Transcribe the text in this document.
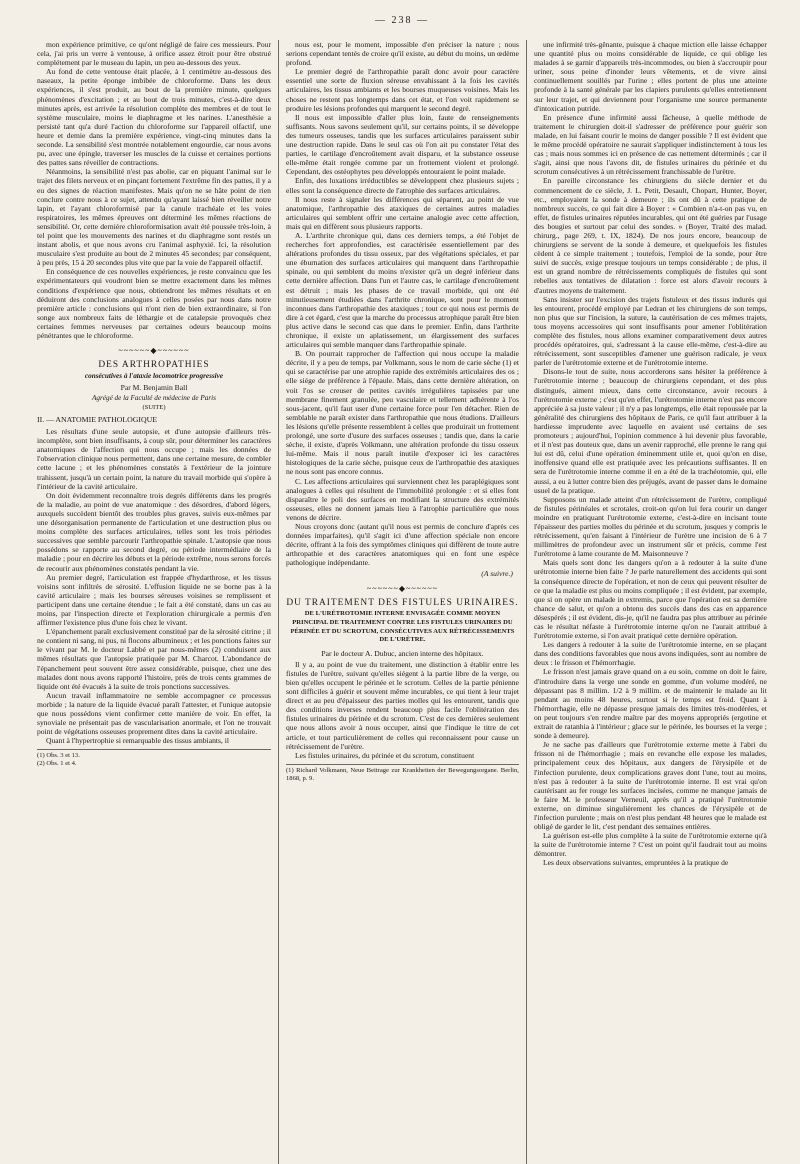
— 238 —

mon expérience primitive, ce qu'ont négligé de faire ces messieurs. Pour cela, j'ai pris un verre à ventouse, à orifice assez étroit pour être obstrué complétement par le museau du lapin, un peu au-dessous des yeux.

Au fond de cette ventouse était placée, à 1 centimètre au-dessous des naseaux, la petite éponge imbibée de chloroforme. Dans les deux expériences, il s'est produit, au bout de la première minute, quelques phénomènes d'excitation ; et au bout de trois minutes, c'est-à-dire deux minutes après, est arrivée la résolution complète des membres et de tout le système musculaire, moins le diaphragme et les narines. L'anesthésie a persisté tant qu'a duré l'action du chloroforme sur l'appareil olfactif, une heure et demie dans la première expérience, vingt-cinq minutes dans la seconde. La sensibilité s'est montrée notablement engourdie, car nous avons pu, avec une épingle, traverser les muscles de la cuisse et certaines portions des pattes sans réveiller de contractions.

Néanmoins, la sensibilité n'est pas abolie, car en piquant l'animal sur le trajet des filets nerveux et en pinçant fortement l'extrême fin des pattes, il y a eu des signes de réaction manifestes. Mais qu'on ne se hâte point de rien conclure contre nous à ce sujet, attendu qu'ayant laissé bien réveiller notre lapin, et l'ayant chloroformisé par la canule trachéale et les voies respiratoires, les mêmes épreuves ont déterminé les mêmes réactions de sensibilité. Or, cette dernière chloroformisation avait été poussée très-loin, à tel point que les mouvements des narines et du diaphragme sont restés un instant abolis, et que nous avons cru l'animal asphyxié. Ici, la résolution musculaire s'est produite au bout de 2 minutes 45 secondes; par conséquent, à peu près, 15 à 20 secondes plus vite que par la voie de l'appareil olfactif.

En conséquence de ces nouvelles expériences, je reste convaincu que les expérimentateurs qui voudront bien se mettre exactement dans les mêmes conditions d'expérience que nous, obtiendront les mêmes résultats et en déduiront des conclusions analogues à celles posées par nous dans notre première article : conclusions qui n'ont rien de bien extraordinaire, si l'on songe aux nombreux faits de léthargie et de catalepsie provoqués chez certaines femmes nerveuses par certaines odeurs beaucoup moins pénétrantes que le chloroforme.

~~~~~~◆~~~~~~
DES ARTHROPATHIES
consécutives à l'ataxie locomotrice progressive
Par M. Benjamin Ball
Agrégé de la Faculté de médecine de Paris
(SUITE)
II. — ANATOMIE PATHOLOGIQUE

Les résultats d'une seule autopsie, et d'une autopsie d'ailleurs très-incomplète, sont bien insuffisants, à coup sûr, pour déterminer les caractères anatomiques de l'affection qui nous occupe ; mais les données de l'observation clinique nous permettent, dans une certaine mesure, de combler cette lacune ; et les phénomènes constatés à l'extérieur de la jointure trahissent, jusqu'à un certain point, la nature du travail morbide qui s'opère à l'intérieur de la cavité articulaire.

On doit évidemment reconnaître trois degrés différents dans les progrès de la maladie, au point de vue anatomique : des désordres, d'abord légers, auxquels succèdent bientôt des troubles plus graves, suivis eux-mêmes par une désorganisation permanente de l'articulation et une destruction plus ou moins complète des surfaces articulaires, telles sont les trois périodes successives que semble parcourir l'arthropathie spinale. L'autopsie que nous possédons se rapporte au second degré, ou période intermédiaire de la maladie ; pour en décrire les débuts et la période extrême, nous serons forcés de recourir aux phénomènes constatés pendant la vie.

Au premier degré, l'articulation est frappée d'hydarthrose, et les tissus voisins sont infiltrés de sérosité. L'effusion liquide ne se borne pas à la cavité articulaire ; mais les bourses séreuses voisines se remplissent et participent dans une certaine étendue ; le fait a été constaté, dans un cas au moins, par l'inspection directe et l'exploration chirurgicale a permis d'en affirmer l'existence plus d'une fois chez le vivant.

L'épanchement paraît exclusivement constitué par de la sérosité citrine ; il ne contient ni sang, ni pus, ni flocons albumineux ; et les ponctions faites sur le vivant par M. le docteur Labbé et par nous-mêmes (2) conduisent aux mêmes résultats que l'autopsie pratiquée par M. Charcot. L'abondance de l'épanchement peut souvent être assez considérable, puisque, chez une des malades dont nous avons rapporté l'histoire, près de trois cents grammes de liquide ont été évacués à la suite de trois ponctions successives.

Aucun travail inflammatoire ne semble accompagner ce processus morbide ; la nature de la liquide évacué paraît l'attester, et l'unique autopsie que nous possédons vient confirmer cette manière de voir. En effet, la synoviale ne présentait pas de vascularisation anormale, et l'on ne trouvait point de végétations osseuses proprement dites dans la cavité articulaire.

Quant à l'hypertrophie si remarquable des tissus ambiants, il

(1) Obs. 3 et 13.

(2) Obs. 1 et 4.

nous est, pour le moment, impossible d'en préciser la nature ; nous serions cependant tentés de croire qu'il existe, au début du moins, un œdème profond.

Le premier degré de l'arthropathie paraît donc avoir pour caractère essentiel une sorte de fluxion séreuse envahissant à la fois les cavités articulaires, les tissus ambiants et les bourses muqueuses voisines. Mais les choses ne restent pas longtemps dans cet état, et l'on voit rapidement se produire les lésions profondes qui marquent le second degré.

Il nous est impossible d'aller plus loin, faute de renseignements suffisants. Nous savons seulement qu'il, sur certains points, il se développe des tumeurs osseuses, tandis que les surfaces articulaires paraissent subir une destruction rapide. Dans le seul cas où l'on ait pu constater l'état des parties, le cartilage d'encroûtement avait disparu, et la substance osseuse elle-même était rongée comme par un frottement violent et prolongé. Cependant, des ostéophytes peu développés entouraient le point malade.

Enfin, des luxations irréductibles se développent chez plusieurs sujets ; elles sont la conséquence directe de l'atrophie des surfaces articulaires.

Il nous reste à signaler les différences qui séparent, au point de vue anatomique, l'arthropathie des ataxiques de certaines autres maladies articulaires qui semblent offrir une certaine analogie avec cette affection, mais qui en diffèrent sous plusieurs rapports.

A. L'arthrite chronique qui, dans ces derniers temps, a été l'objet de recherches fort approfondies, est caractérisée essentiellement par des altérations profondes du tissu osseux, par des végétations spéciales, et par une éburnation des surfaces articulaires qui manquent dans l'arthropathie spinale, ou qui semblent du moins n'exister qu'à un degré inférieur dans cette dernière affection. Dans l'un et l'autre cas, le cartilage d'encroûtement est détruit ; mais les phases de ce travail morbide, qui ont été minutieusement étudiées dans l'arthrite chronique, sont pour le moment inconnues dans l'arthropathie des ataxiques ; tout ce qui nous est permis de dire à cet égard, c'est que la marche du processus atrophique paraît être bien plus active dans le second cas que dans le premier. Enfin, dans l'arthrite chronique, il existe un aplatissement, un élargissement des surfaces articulaires qui semble manquer dans l'arthropathie spinale.

B. On pourrait rapprocher de l'affection qui nous occupe la maladie décrite, il y a peu de temps, par Volkmann, sous le nom de carie sèche (1) et qui se caractérise par une atrophie rapide des extrémités articulaires des os ; elle siége de préférence à l'épaule. Mais, dans cette dernière altération, on voit l'os se creuser de petites cavités irrégulières tapissées par une membrane finement granulée, peu vasculaire et tellement adhérente à l'os sous-jacent, qu'il faut user d'une certaine force pour l'en détacher. Rien de semblable ne paraît exister dans l'arthropathie que nous étudions. D'ailleurs les lésions qu'elle présente ressemblent à celles que produirait un frottement prolongé, une sorte d'usure des surfaces osseuses ; tandis que, dans la carie sèche, il existe, d'après Volkmann, une altération profonde du tissu osseux lui-même. Mais il nous paraît inutile d'exposer ici les caractères histologiques de la carie sèche, puisque ceux de l'arthropathie des ataxiques ne nous sont pas encore connus.

C. Les affections articulaires qui surviennent chez les paraplégiques sont analogues à celles qui résultent de l'immobilité prolongée : et si elles font disparaître le poli des surfaces en modifiant la structure des extrémités osseuses, elles ne donnent jamais lieu à l'atrophie particulière que nous venons de décrire.

Nous croyons donc (autant qu'il nous est permis de conclure d'après ces données imparfaites), qu'il s'agit ici d'une affection spéciale non encore décrite, offrant à la fois des symptômes cliniques qui diffèrent de toute autre arthropathie et des caractères anatomiques qui en font une espèce pathologique indépendante.

(A suivre.)
~~~~~~◆~~~~~~
DU TRAITEMENT DES FISTULES URINAIRES.
DE L'URÉTROTOMIE INTERNE ENVISAGÉE COMME MOYEN PRINCIPAL DE TRAITEMENT CONTRE LES FISTULES URINAIRES DU PÉRINÉE ET DU SCROTUM, CONSÉCUTIVES AUX RÉTRÉCISSEMENTS DE L'URÈTRE.
Par le docteur A. Dubuc, ancien interne des hôpitaux.

Il y a, au point de vue du traitement, une distinction à établir entre les fistules de l'urètre, suivant qu'elles siégent à la partie libre de la verge, ou bien qu'elles occupent le périnée et le scrotum. Celles de la partie pénienne sont difficiles à guérir et souvent même incurables, ce qui tient à leur trajet direct et au peu d'épaisseur des parties molles qui les entourent, tandis que des conditions inverses rendent beaucoup plus facile l'oblitération des fistules urinaires du périnée et du scrotum. C'est de ces dernières seulement que nous allons avoir à nous occuper, ainsi que l'indique le titre de cet article, et tout particulièrement de celles qui reconnaissent pour cause un rétrécissement de l'urètre.

Les fistules urinaires, du périnée et du scrotum, constituent

(1) Richard Volkmann, Neue Beitrage zur Krankheiten der Bewegungsorgane. Berlin, 1868, p. 9.

une infirmité très-gênante, puisque à chaque miction elle laisse échapper une quantité plus ou moins considérable de liquide, ce qui oblige les malades à se garnir d'appareils très-incommodes, ou bien à s'accroupir pour uriner, sous peine d'inonder leurs vêtements, et de vivre ainsi continuellement souillés par l'urine ; elles portent de plus une atteinte profonde à la santé générale par les clapiers purulents qu'elles entretiennent sur leur trajet, et qui deviennent pour l'organisme une source permanente d'intoxication putride.

En présence d'une infirmité aussi fâcheuse, à quelle méthode de traitement le chirurgien doit-il s'adresser de préférence pour guérir son malade, en lui faisant courir le moins de danger possible ? Il est évident que le même procédé opératoire ne saurait s'appliquer indistinctement à tous les cas ; mais nous sommes ici en présence de cas nettement déterminés ; car il s'agit, ainsi que nous l'avons dit, de fistules urinaires du périnée et du scrotum consécutives à un rétrécissement franchissable de l'urètre.

En pareille circonstance les chirurgiens du siècle dernier et du commencement de ce siècle, J. L. Petit, Desault, Chopart, Hunter, Boyer, etc., employaient la sonde à demeure ; ils ont dû à cette pratique de nombreux succès, ce qui fait dire à Boyer : « Combien n'a-t-on pas vu, en effet, de fistules urinaires réputées incurables, qui ont été guéries par l'usage des bougies et surtout par celui des sondes. » (Boyer, Traité des malad. chirurg., page 269, t. IX, 1824). De nos jours encore, beaucoup de chirurgiens se servent de la sonde à demeure, et quelquefois les fistules cèdent à ce simple traitement ; toutefois, l'emploi de la sonde, pour être suivi de succès, exige presque toujours un temps considérable ; de plus, il est un grand nombre de rétrécissements compliqués de fistules qui sont rebelles aux tentatives de dilatation : force est alors d'avoir recours à d'autres moyens de traitement.

Sans insister sur l'excision des trajets fistuleux et des tissus indurés qui les entourent, procédé employé par Ledran et les chirurgiens de son temps, non plus que sur l'incision, la suture, la cautérisation de ces mêmes trajets, tous moyens accessoires qui sont insuffisants pour amener l'oblitération complète des fistules, nous allons examiner comparativement deux autres procédés opératoires, qui, s'adressant à la cause elle-même, c'est-à-dire au rétrécissement, sont susceptibles d'amener une guérison radicale, je veux parler de l'urétrotomie externe et de l'urétrotomie interne.

Disons-le tout de suite, nous accorderons sans hésiter la préférence à l'urétrotomie interne ; beaucoup de chirurgiens cependant, et des plus distingués, aiment mieux, dans cette circonstance, avoir recours à l'urétrotomie externe ; c'est qu'en effet, l'urétrotomie interne n'est pas encore appréciée à sa juste valeur ; il n'y a pas longtemps, elle était repoussée par la généralité des chirurgiens des hôpitaux de Paris, ce qu'il faut attribuer à la hardiesse imprudente avec laquelle en avaient usé certains de ses promoteurs ; aujourd'hui, l'opinion commence à lui devenir plus favorable, et il n'est pas douteux que, dans un avenir rapproché, elle prenne le rang qui lui est dû, celui d'une opération éminemment utile et, quoi qu'on en dise, inoffensive quand elle est pratiquée avec les précautions suffisantes. Il en sera de l'urétrotomie interne comme il en a été de la trachéotomie, qui, elle aussi, a eu à lutter contre bien des préjugés, avant de passer dans le domaine usuel de la pratique.

Supposons un malade atteint d'un rétrécissement de l'urètre, compliqué de fistules périnéales et scrotales, croit-on qu'on lui fera courir un danger moindre en pratiquant l'urétrotomie externe, c'est-à-dire en incisant toute l'épaisseur des parties molles du périnée et du scrotum, jusques y compris le rétrécissement, qu'en faisant à l'intérieur de l'urètre une incision de 6 à 7 millimètres de profondeur avec un instrument sûr et précis, comme l'est l'urétrotome à lame courante de M. Maisonneuve ?

Mais quels sont donc les dangers qu'on a à redouter à la suite d'une urétrotomie interne bien faite ? Je parle naturellement des accidents qui sont la conséquence directe de l'opération, et non de ceux qui peuvent résulter de ce que la maladie est plus ou moins compliquée ; il est évident, par exemple, que si on opère un malade in extremis, parce que l'opération est sa dernière chance de salut, et qu'on a obtenu des succès dans des cas en apparence désespérés ; il est évident, dis-je, qu'il ne faudra pas plus attribuer au périnée cas le résultat néfaste à l'urétrotomie interne qu'on ne l'aurait attribué à l'urétrotomie externe, si l'on avait pratiqué cette dernière opération.

Les dangers à redouter à la suite de l'urétrotomie interne, en se plaçant dans des conditions favorables que nous avons indiquées, sont au nombre de deux : le frisson et l'hémorrhagie.

Le frisson n'est jamais grave quand on a eu soin, comme on doit le faire, d'introduire dans la verge une sonde en gomme, d'un volume modéré, ne dépassant pas 8 millim. 1/2 à 9 millim. et de maintenir le malade au lit pendant au moins 48 heures, surtout si le temps est froid. Quant à l'hémorrhagie, elle ne dépasse presque jamais des limites très-modérées, et on peut toujours s'en rendre maître par des moyens appropriés (ergotine et extrait de ratanhia à l'intérieur ; glace sur le périnée, les bourses et la verge ; sonde à demeure).

Je ne sache pas d'ailleurs que l'urétrotomie externe mette à l'abri du frisson ni de l'hémorrhagie ; mais en revanche elle expose les malades, principalement ceux des hôpitaux, aux dangers de l'érysipèle et de l'infection purulente, deux complications graves dont l'une, tout au moins, n'est pas à redouter à la suite de l'urétrotomie interne. Il est vrai qu'on cautérisant au fer rouge les surfaces incisées, comme ne manque jamais de le faire M. le professeur Verneuil, après qu'il a pratiqué l'urétrotomie externe, on diminue singulièrement les chances de l'érysipèle et de l'infection purulente ; mais on n'est plus pendant 48 heures que le malade est obligé de garder le lit, c'est pendant des semaines entières.

La guérison est-elle plus complète à la suite de l'urétrotomie externe qu'à la suite de l'urétrotomie interne ? C'est un point qu'il faudrait tout au moins démontrer.

Les deux observations suivantes, empruntées à la pratique de
